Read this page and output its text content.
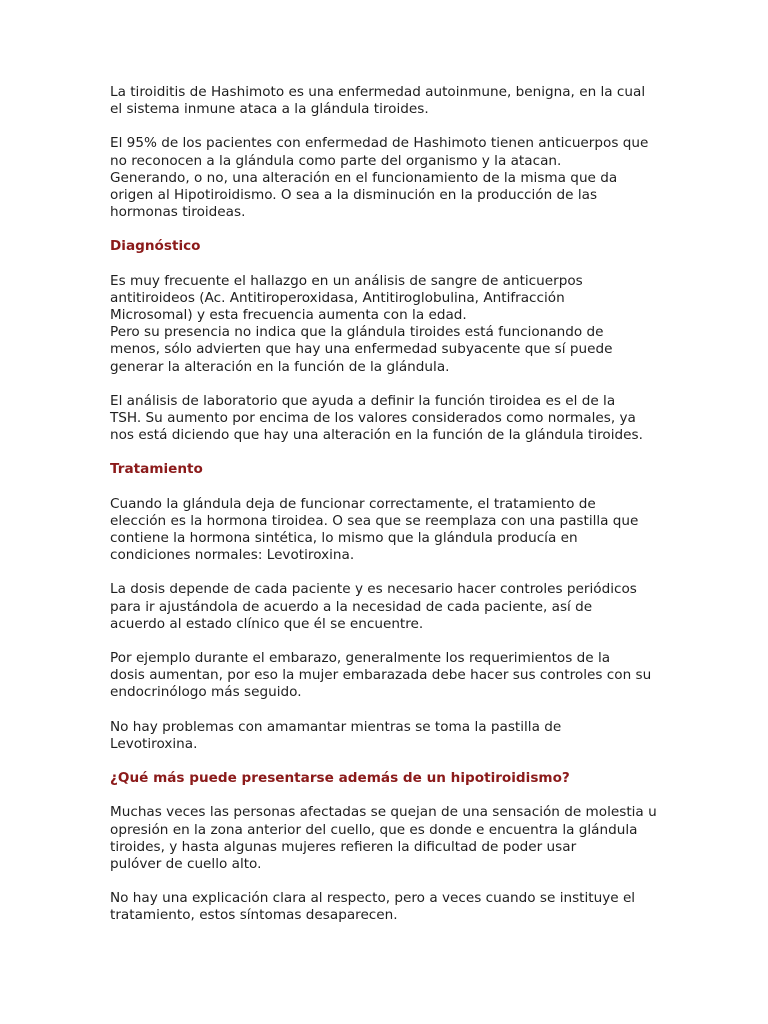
La tiroiditis de Hashimoto es una enfermedad autoinmune, benigna, en la cual
el sistema inmune ataca a la glándula tiroides.
El 95% de los pacientes con enfermedad de Hashimoto tienen anticuerpos que
no reconocen a la glándula como parte del organismo y la atacan.
Generando, o no, una alteración en el funcionamiento de la misma que da
origen al Hipotiroidismo. O sea a la disminución en la producción de las
hormonas tiroideas.
Diagnóstico
Es muy frecuente el hallazgo en un análisis de sangre de anticuerpos
antitiroideos (Ac. Antitiroperoxidasa, Antitiroglobulina, Antifracción
Microsomal) y esta frecuencia aumenta con la edad.
Pero su presencia no indica que la glándula tiroides está funcionando de
menos, sólo advierten que hay una enfermedad subyacente que sí puede
generar la alteración en la función de la glándula.
El análisis de laboratorio que ayuda a definir la función tiroidea es el de la
TSH. Su aumento por encima de los valores considerados como normales, ya
nos está diciendo que hay una alteración en la función de la glándula tiroides.
Tratamiento
Cuando la glándula deja de funcionar correctamente, el tratamiento de
elección es la hormona tiroidea. O sea que se reemplaza con una pastilla que
contiene la hormona sintética, lo mismo que la glándula producía en
condiciones normales: Levotiroxina.
La dosis depende de cada paciente y es necesario hacer controles periódicos
para ir ajustándola de acuerdo a la necesidad de cada paciente, así de
acuerdo al estado clínico que él se encuentre.
Por ejemplo durante el embarazo, generalmente los requerimientos de la
dosis aumentan, por eso la mujer embarazada debe hacer sus controles con su
endocrinólogo más seguido.
No hay problemas con amamantar mientras se toma la pastilla de
Levotiroxina.
¿Qué más puede presentarse además de un hipotiroidismo?
Muchas veces las personas afectadas se quejan de una sensación de molestia u
opresión en la zona anterior del cuello, que es donde e encuentra la glándula
tiroides, y hasta algunas mujeres refieren la dificultad de poder usar
pulóver de cuello alto.
No hay una explicación clara al respecto, pero a veces cuando se instituye el
tratamiento, estos síntomas desaparecen.
